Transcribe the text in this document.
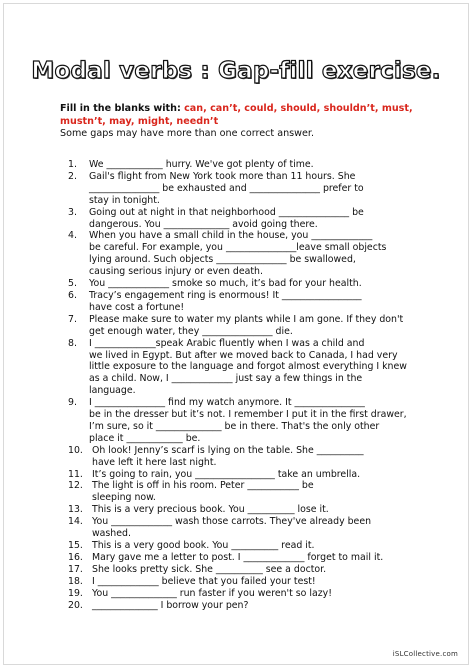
Modal verbs : Gap-fill exercise.
Fill in the blanks with: can, can’t, could, should, shouldn’t, must, mustn’t, may, might, needn’t
Some gaps may have more than one correct answer.
1.	We ____________ hurry. We've got plenty of time.
2.	Gail's flight from New York took more than 11 hours. She
_______________ be exhausted and _______________ prefer to
stay in tonight.
3.	Going out at night in that neighborhood _______________ be
dangerous. You ______________ avoid going there.
4.	When you have a small child in the house, you _____________
be careful. For example, you _______________leave small objects
lying around. Such objects _______________ be swallowed,
causing serious injury or even death.
5.	You _____________ smoke so much, it’s bad for your health.
6.	Tracy’s engagement ring is enormous! It _________________
have cost a fortune!
7.	Please make sure to water my plants while I am gone. If they don't
get enough water, they _______________ die.
8.	I _____________speak Arabic fluently when I was a child and
we lived in Egypt. But after we moved back to Canada, I had very
little exposure to the language and forgot almost everything I knew
as a child. Now, I _____________ just say a few things in the
language.
9.	I _______________ find my watch anymore. It _______________
be in the dresser but it’s not. I remember I put it in the first drawer,
I’m sure, so it ______________ be in there. That's the only other
place it ____________ be.
10. Oh look! Jenny’s scarf is lying on the table. She __________
have left it here last night.
11. It’s going to rain, you _________________ take an umbrella.
12. The light is off in his room. Peter ___________ be
sleeping now.
13. This is a very precious book. You __________ lose it.
14. You _____________ wash those carrots. They've already been
washed.
15. This is a very good book. You __________ read it.
16. Mary gave me a letter to post. I _____________ forget to mail it.
17. She looks pretty sick. She __________ see a doctor.
18. I _____________ believe that you failed your test!
19. You ______________ run faster if you weren't so lazy!
20. ______________ I borrow your pen?
iSLCollective.com
